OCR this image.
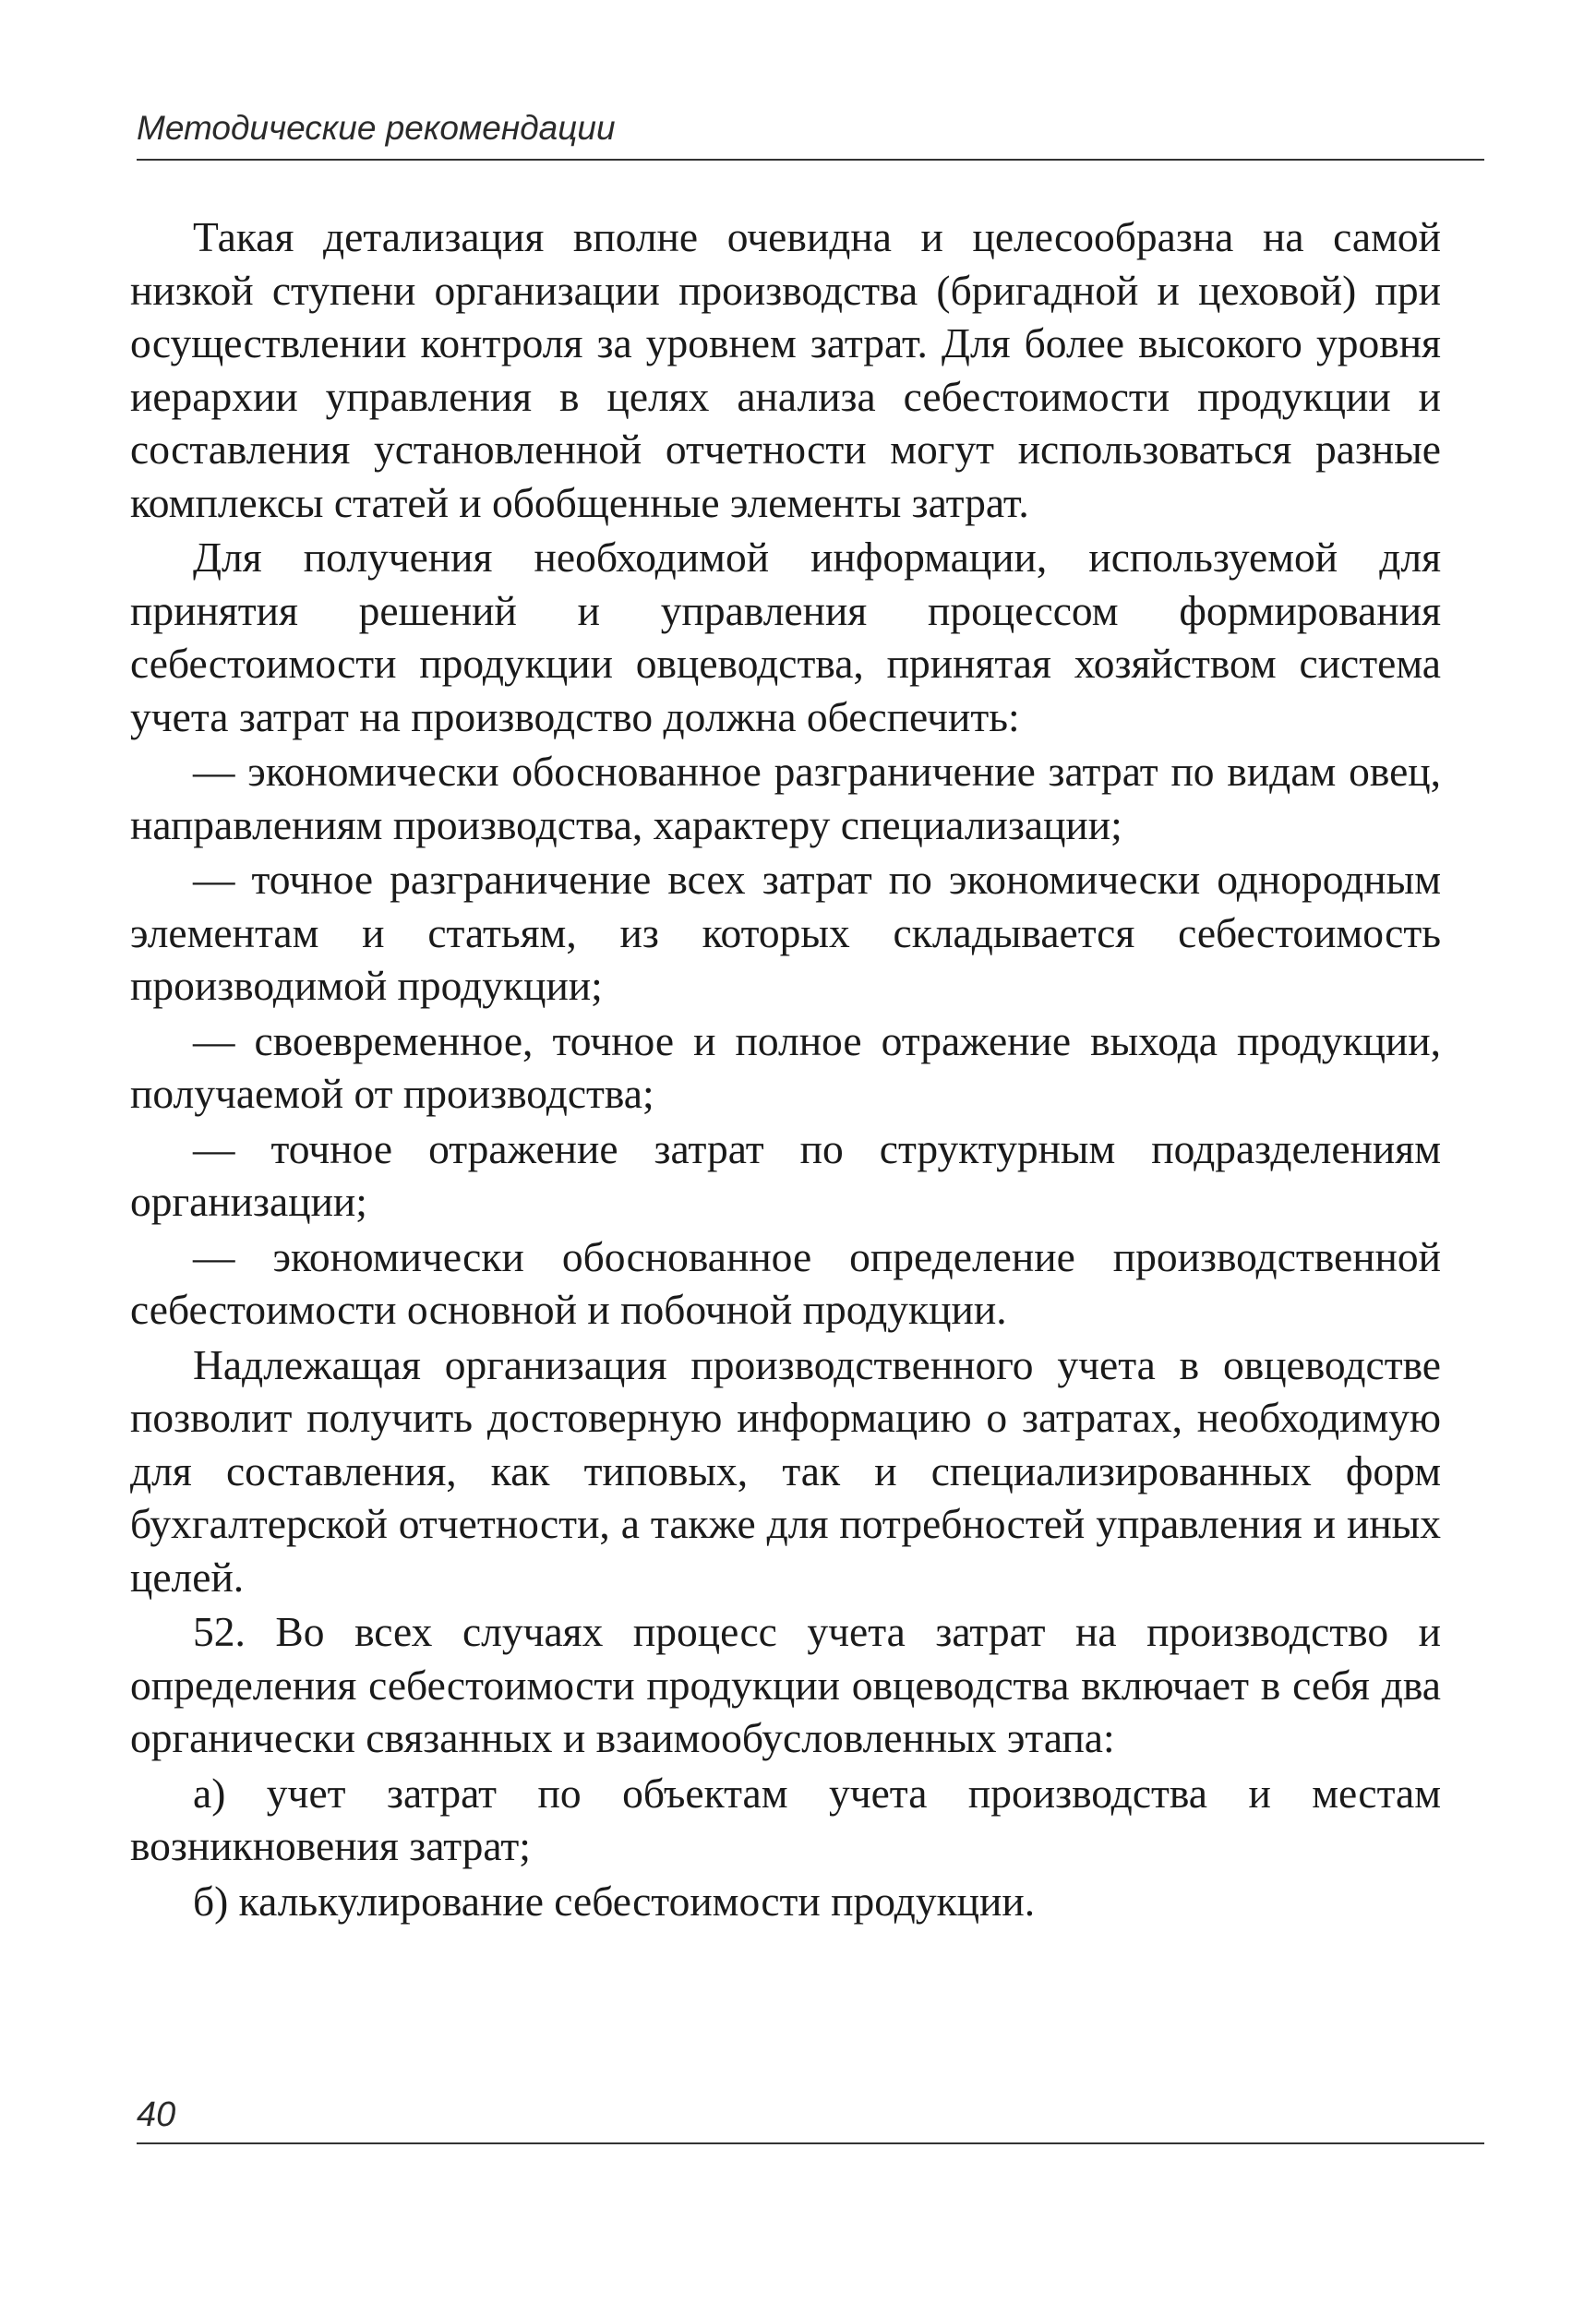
Методические рекомендации

Такая детализация вполне очевидна и целесообразна на самой низкой ступени организации производства (бригадной и цеховой) при осуществлении контроля за уровнем затрат. Для более высокого уровня иерархии управления в целях анализа себестоимости продукции и составления установленной отчетности могут использоваться разные комплексы статей и обобщенные элементы затрат.

Для получения необходимой информации, используемой для принятия решений и управления процессом формирования себестоимости продукции овцеводства, принятая хозяйством система учета затрат на производство должна обеспечить:

— экономически обоснованное разграничение затрат по видам овец, направлениям производства, характеру специализации;

— точное разграничение всех затрат по экономически однородным элементам и статьям, из которых складывается себестоимость производимой продукции;

— своевременное, точное и полное отражение выхода продукции, получаемой от производства;

— точное отражение затрат по структурным подразделениям организации;

— экономически обоснованное определение производственной себестоимости основной и побочной продукции.

Надлежащая организация производственного учета в овцеводстве позволит получить достоверную информацию о затратах, необходимую для составления, как типовых, так и специализированных форм бухгалтерской отчетности, а также для потребностей управления и иных целей.

52. Во всех случаях процесс учета затрат на производство и определения себестоимости продукции овцеводства включает в себя два органически связанных и взаимообусловленных этапа:

а) учет затрат по объектам учета производства и местам возникновения затрат;

б) калькулирование себестоимости продукции.

40
